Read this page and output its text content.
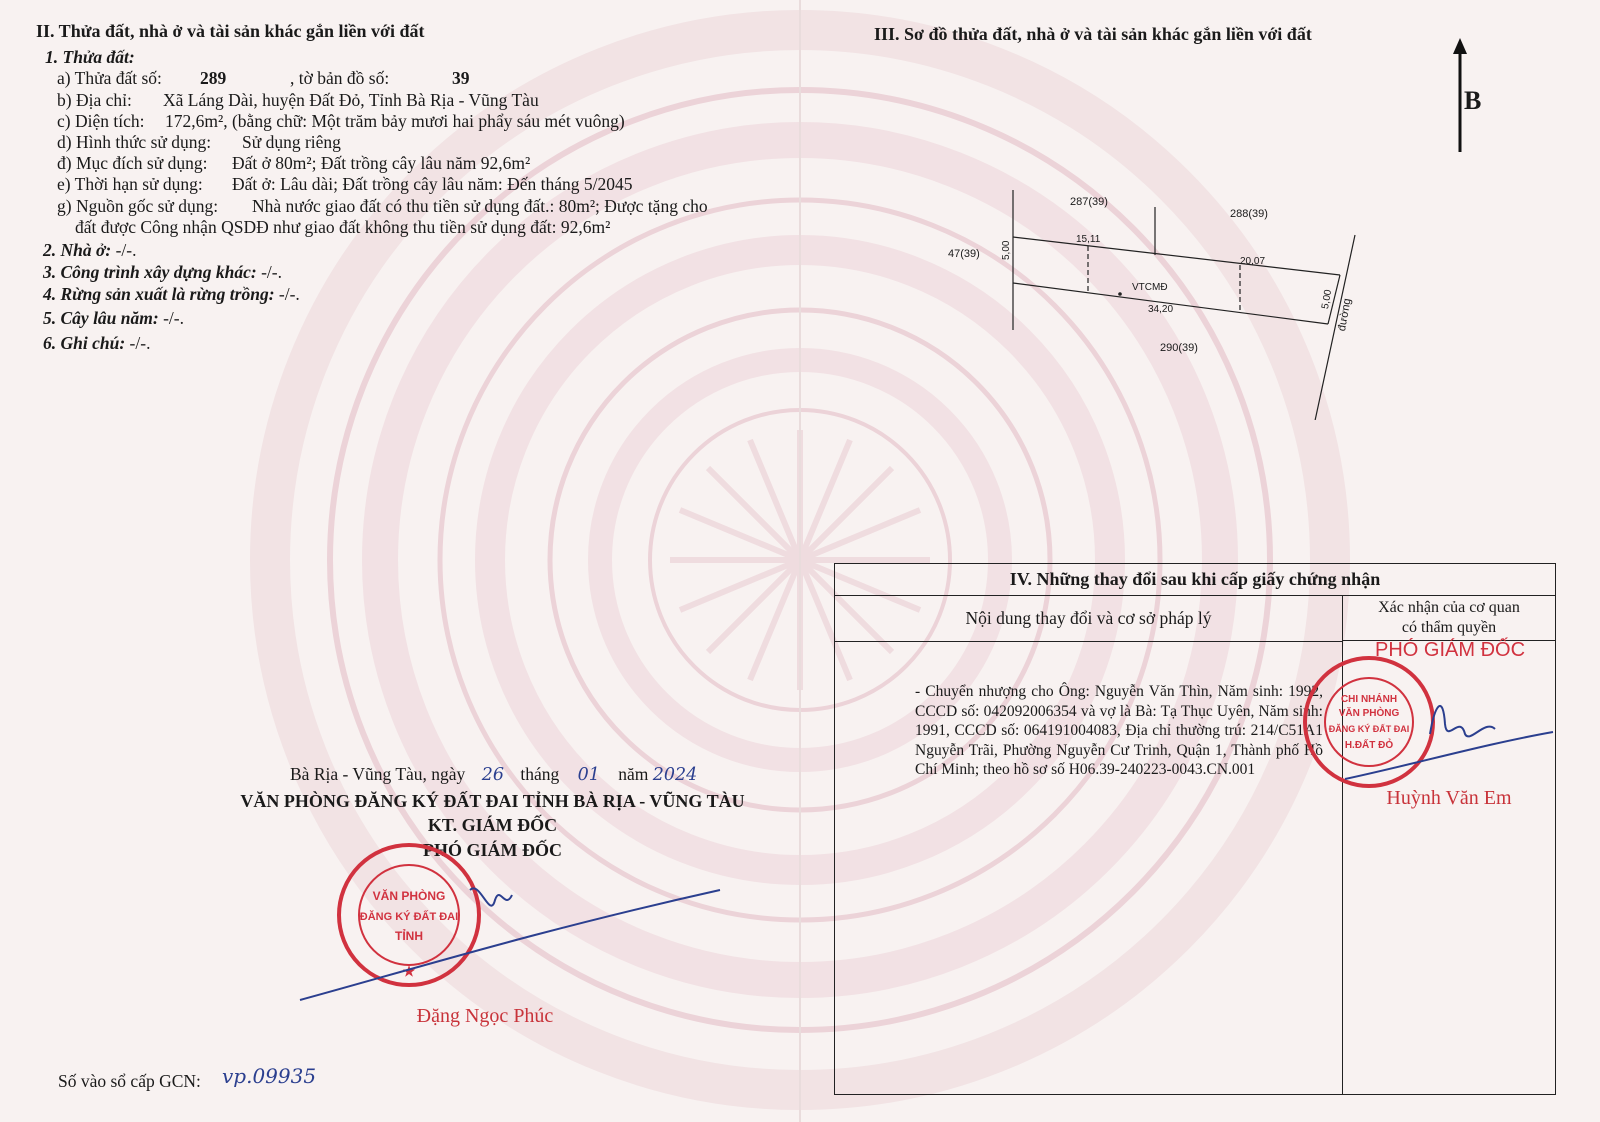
II. Thửa đất, nhà ở và tài sản khác gắn liền với đất
1. Thửa đất:
a) Thửa đất số: 289	, tờ bản đồ số:	39
b) Địa chỉ: Xã Láng Dài, huyện Đất Đỏ, Tỉnh Bà Rịa - Vũng Tàu
c) Diện tích: 172,6m², (bằng chữ: Một trăm bảy mươi hai phẩy sáu mét vuông)
d) Hình thức sử dụng: Sử dụng riêng
đ) Mục đích sử dụng: Đất ở 80m²; Đất trồng cây lâu năm 92,6m²
e) Thời hạn sử dụng: Đất ở: Lâu dài; Đất trồng cây lâu năm: Đến tháng 5/2045
g) Nguồn gốc sử dụng: Nhà nước giao đất có thu tiền sử dụng đất.: 80m²; Được tặng cho
đất được Công nhận QSDĐ như giao đất không thu tiền sử dụng đất: 92,6m²
2. Nhà ở: -/-.
3. Công trình xây dựng khác: -/-.
4. Rừng sản xuất là rừng trồng: -/-.
5. Cây lâu năm: -/-.
6. Ghi chú: -/-.
Bà Rịa - Vũng Tàu, ngày 26 tháng 01 năm 2024
VĂN PHÒNG ĐĂNG KÝ ĐẤT ĐAI TỈNH BÀ RỊA - VŨNG TÀU
KT. GIÁM ĐỐC
PHÓ GIÁM ĐỐC
VĂN PHÒNG
ĐĂNG KÝ ĐẤT ĐAI
TỈNH
★
Đặng Ngọc Phúc
Số vào sổ cấp GCN: vp.09935
III. Sơ đồ thửa đất, nhà ở và tài sản khác gắn liền với đất
B
287(39)
288(39)
47(39)
290(39)
15,11
20,07
34,20
5,00
5,00
VTCMĐ
đường
IV. Những thay đổi sau khi cấp giấy chứng nhận
Nội dung thay đổi và cơ sở pháp lý
Xác nhận của cơ quan
có thẩm quyền
- Chuyển nhượng cho Ông: Nguyễn Văn Thìn, Năm sinh: 1992, CCCD số: 042092006354 và vợ là Bà: Tạ Thục Uyên, Năm sinh: 1991, CCCD số: 064191004083, Địa chỉ thường trú: 214/C51A1 Nguyễn Trãi, Phường Nguyễn Cư Trinh, Quận 1, Thành phố Hồ Chí Minh; theo hồ sơ số H06.39-240223-0043.CN.001
PHÓ GIÁM ĐỐC
CHI NHÁNH
VĂN PHÒNG
ĐĂNG KÝ ĐẤT ĐAI
H.ĐẤT ĐỎ
Huỳnh Văn Em
